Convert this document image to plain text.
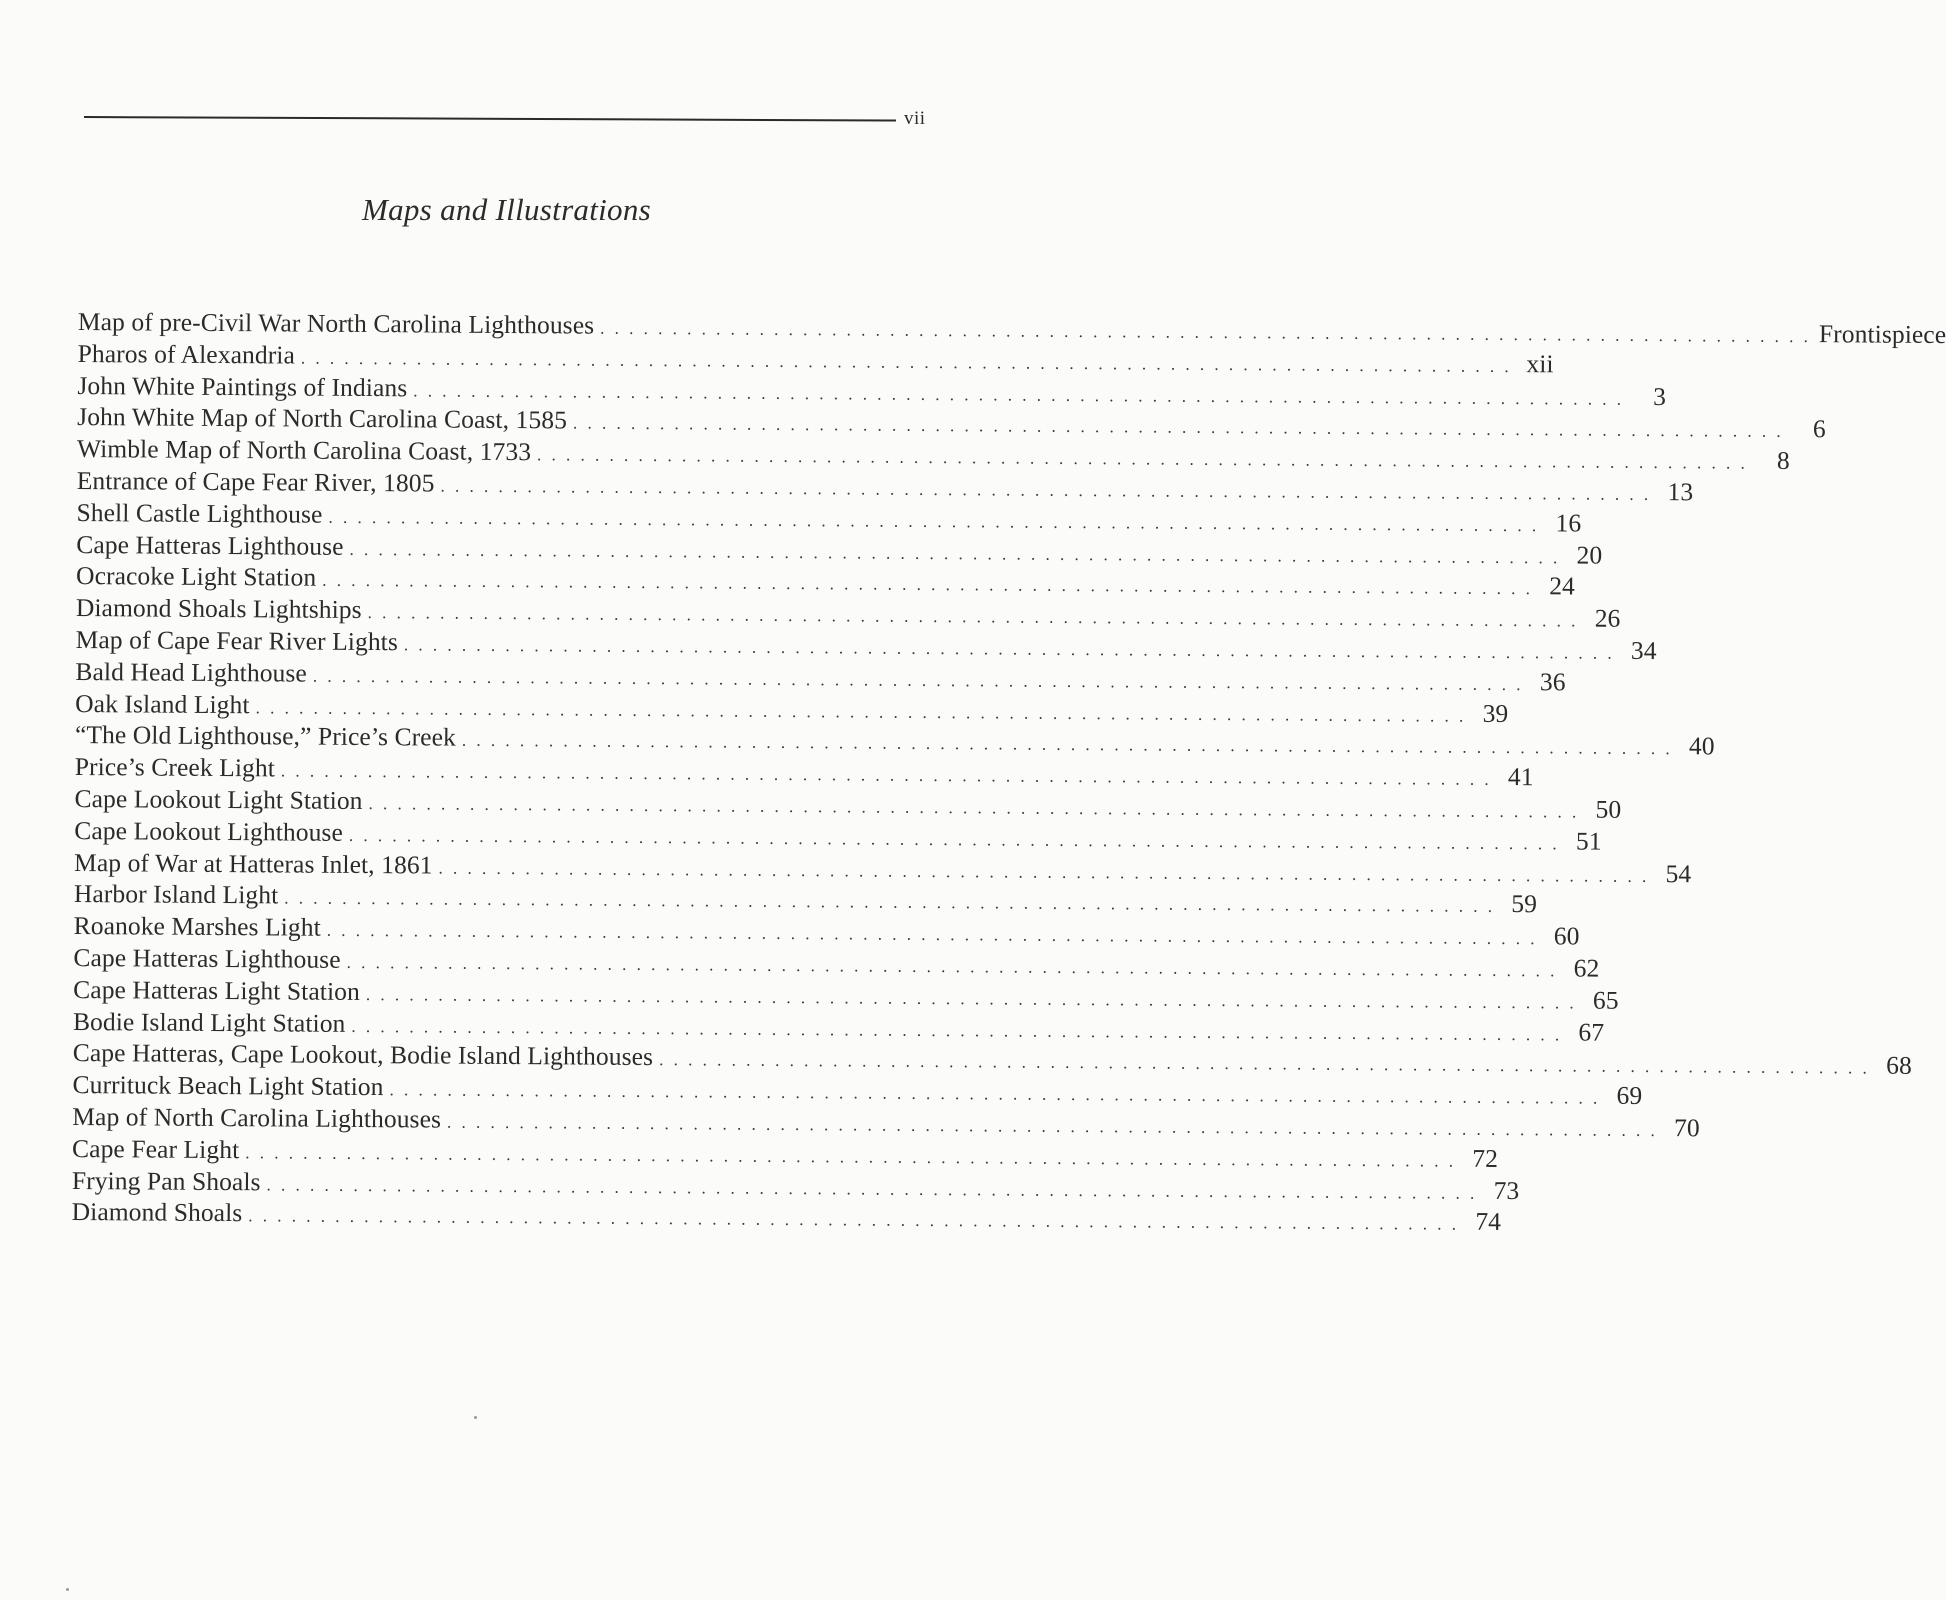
vii
Maps and Illustrations
Map of pre-Civil War North Carolina Lighthouses . . . . . . . . . . . . . . . . . . . . . . . . . . . . . . . . . . . . . . . . . . . . . . . . . . . . . . . . . . . . . . . . . . . . . . . . . . . . . . . . . . . . Frontispiece
Pharos of Alexandria . . . . . . . . . . . . . . . . . . . . . . . . . . . . . . . . . . . . . . . . . . . . . . . . . . . . . . . . . . . . . . . . . . . . . . . . . . . . . . . . . . . . xii
John White Paintings of Indians . . . . . . . . . . . . . . . . . . . . . . . . . . . . . . . . . . . . . . . . . . . . . . . . . . . . . . . . . . . . . . . . . . . . . . . . . . . . . . . . . . . .	3
John White Map of North Carolina Coast, 1585 . . . . . . . . . . . . . . . . . . . . . . . . . . . . . . . . . . . . . . . . . . . . . . . . . . . . . . . . . . . . . . . . . . . . . . . . . . . . . . . . . . . .	6
Wimble Map of North Carolina Coast, 1733 . . . . . . . . . . . . . . . . . . . . . . . . . . . . . . . . . . . . . . . . . . . . . . . . . . . . . . . . . . . . . . . . . . . . . . . . . . . . . . . . . . . .	8
Entrance of Cape Fear River, 1805 . . . . . . . . . . . . . . . . . . . . . . . . . . . . . . . . . . . . . . . . . . . . . . . . . . . . . . . . . . . . . . . . . . . . . . . . . . . . . . . . . . . . 13
Shell Castle Lighthouse . . . . . . . . . . . . . . . . . . . . . . . . . . . . . . . . . . . . . . . . . . . . . . . . . . . . . . . . . . . . . . . . . . . . . . . . . . . . . . . . . . . . 16
Cape Hatteras Lighthouse . . . . . . . . . . . . . . . . . . . . . . . . . . . . . . . . . . . . . . . . . . . . . . . . . . . . . . . . . . . . . . . . . . . . . . . . . . . . . . . . . . . . 20
Ocracoke Light Station . . . . . . . . . . . . . . . . . . . . . . . . . . . . . . . . . . . . . . . . . . . . . . . . . . . . . . . . . . . . . . . . . . . . . . . . . . . . . . . . . . . . 24
Diamond Shoals Lightships . . . . . . . . . . . . . . . . . . . . . . . . . . . . . . . . . . . . . . . . . . . . . . . . . . . . . . . . . . . . . . . . . . . . . . . . . . . . . . . . . . . . 26
Map of Cape Fear River Lights . . . . . . . . . . . . . . . . . . . . . . . . . . . . . . . . . . . . . . . . . . . . . . . . . . . . . . . . . . . . . . . . . . . . . . . . . . . . . . . . . . . . 34
Bald Head Lighthouse . . . . . . . . . . . . . . . . . . . . . . . . . . . . . . . . . . . . . . . . . . . . . . . . . . . . . . . . . . . . . . . . . . . . . . . . . . . . . . . . . . . . 36
Oak Island Light . . . . . . . . . . . . . . . . . . . . . . . . . . . . . . . . . . . . . . . . . . . . . . . . . . . . . . . . . . . . . . . . . . . . . . . . . . . . . . . . . . . . 39
“The Old Lighthouse,” Price’s Creek . . . . . . . . . . . . . . . . . . . . . . . . . . . . . . . . . . . . . . . . . . . . . . . . . . . . . . . . . . . . . . . . . . . . . . . . . . . . . . . . . . . . 40
Price’s Creek Light . . . . . . . . . . . . . . . . . . . . . . . . . . . . . . . . . . . . . . . . . . . . . . . . . . . . . . . . . . . . . . . . . . . . . . . . . . . . . . . . . . . . 41
Cape Lookout Light Station . . . . . . . . . . . . . . . . . . . . . . . . . . . . . . . . . . . . . . . . . . . . . . . . . . . . . . . . . . . . . . . . . . . . . . . . . . . . . . . . . . . . 50
Cape Lookout Lighthouse . . . . . . . . . . . . . . . . . . . . . . . . . . . . . . . . . . . . . . . . . . . . . . . . . . . . . . . . . . . . . . . . . . . . . . . . . . . . . . . . . . . . 51
Map of War at Hatteras Inlet, 1861 . . . . . . . . . . . . . . . . . . . . . . . . . . . . . . . . . . . . . . . . . . . . . . . . . . . . . . . . . . . . . . . . . . . . . . . . . . . . . . . . . . . . 54
Harbor Island Light . . . . . . . . . . . . . . . . . . . . . . . . . . . . . . . . . . . . . . . . . . . . . . . . . . . . . . . . . . . . . . . . . . . . . . . . . . . . . . . . . . . . 59
Roanoke Marshes Light . . . . . . . . . . . . . . . . . . . . . . . . . . . . . . . . . . . . . . . . . . . . . . . . . . . . . . . . . . . . . . . . . . . . . . . . . . . . . . . . . . . . 60
Cape Hatteras Lighthouse . . . . . . . . . . . . . . . . . . . . . . . . . . . . . . . . . . . . . . . . . . . . . . . . . . . . . . . . . . . . . . . . . . . . . . . . . . . . . . . . . . . . 62
Cape Hatteras Light Station . . . . . . . . . . . . . . . . . . . . . . . . . . . . . . . . . . . . . . . . . . . . . . . . . . . . . . . . . . . . . . . . . . . . . . . . . . . . . . . . . . . . 65
Bodie Island Light Station . . . . . . . . . . . . . . . . . . . . . . . . . . . . . . . . . . . . . . . . . . . . . . . . . . . . . . . . . . . . . . . . . . . . . . . . . . . . . . . . . . . . 67
Cape Hatteras, Cape Lookout, Bodie Island Lighthouses . . . . . . . . . . . . . . . . . . . . . . . . . . . . . . . . . . . . . . . . . . . . . . . . . . . . . . . . . . . . . . . . . . . . . . . . . . . . . . . . . . . . 68
Currituck Beach Light Station . . . . . . . . . . . . . . . . . . . . . . . . . . . . . . . . . . . . . . . . . . . . . . . . . . . . . . . . . . . . . . . . . . . . . . . . . . . . . . . . . . . . 69
Map of North Carolina Lighthouses . . . . . . . . . . . . . . . . . . . . . . . . . . . . . . . . . . . . . . . . . . . . . . . . . . . . . . . . . . . . . . . . . . . . . . . . . . . . . . . . . . . . 70
Cape Fear Light . . . . . . . . . . . . . . . . . . . . . . . . . . . . . . . . . . . . . . . . . . . . . . . . . . . . . . . . . . . . . . . . . . . . . . . . . . . . . . . . . . . . 72
Frying Pan Shoals . . . . . . . . . . . . . . . . . . . . . . . . . . . . . . . . . . . . . . . . . . . . . . . . . . . . . . . . . . . . . . . . . . . . . . . . . . . . . . . . . . . . 73
Diamond Shoals . . . . . . . . . . . . . . . . . . . . . . . . . . . . . . . . . . . . . . . . . . . . . . . . . . . . . . . . . . . . . . . . . . . . . . . . . . . . . . . . . . . . 74
